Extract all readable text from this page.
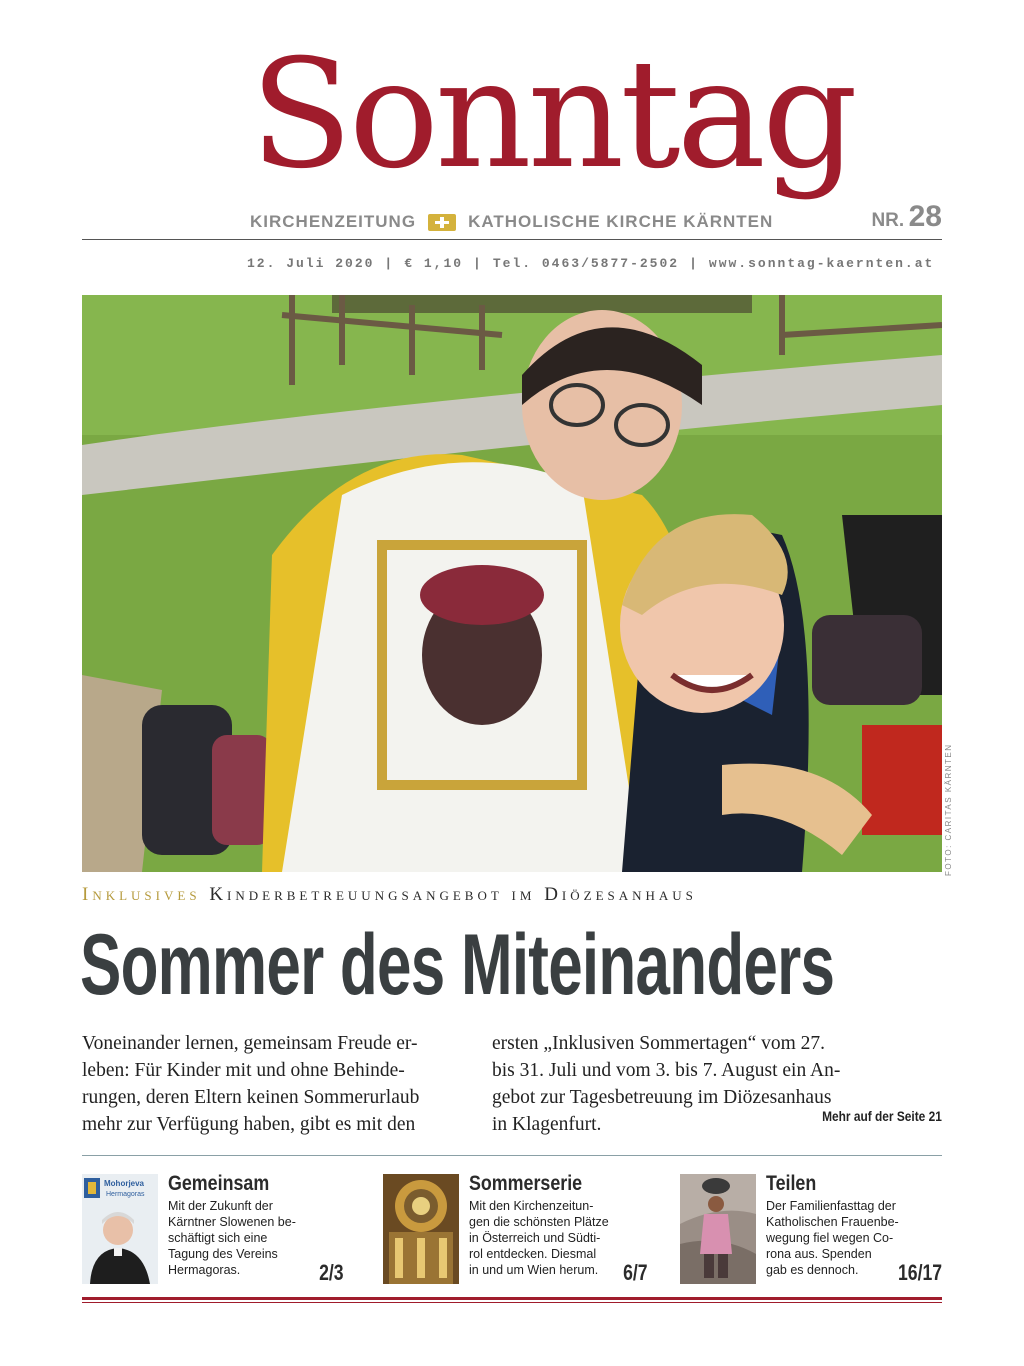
Sonntag
KIRCHENZEITUNG	KATHOLISCHE KIRCHE KÄRNTEN	NR. 28
12. Juli 2020 | € 1,10 | Tel. 0463/5877-2502 | www.sonntag-kaernten.at
FOTO: CARITAS KÄRNTEN
Inklusives Kinderbetreuungsangebot im Diözesanhaus
Sommer des Miteinanders
Voneinander lernen, gemeinsam Freude er-
leben: Für Kinder mit und ohne Behinde-
rungen, deren Eltern keinen Sommerurlaub
mehr zur Verfügung haben, gibt es mit den
ersten „Inklusiven Sommertagen“ vom 27.
bis 31. Juli und vom 3. bis 7. August ein An-
gebot zur Tagesbetreuung im Diözesanhaus
in Klagenfurt.	Mehr auf der Seite 21
Mohorjeva
Hermagoras Gemeinsam
Mit der Zukunft der
Kärntner Slowenen be-
schäftigt sich eine
Tagung des Vereins
Hermagoras.	2/3
Sommerserie
Mit den Kirchenzeitun-
gen die schönsten Plätze
in Österreich und Südti-
rol entdecken. Diesmal
in und um Wien herum.	6/7
Teilen
Der Familienfasttag der
Katholischen Frauenbe-
wegung fiel wegen Co-
rona aus. Spenden
gab es dennoch.	16/17
